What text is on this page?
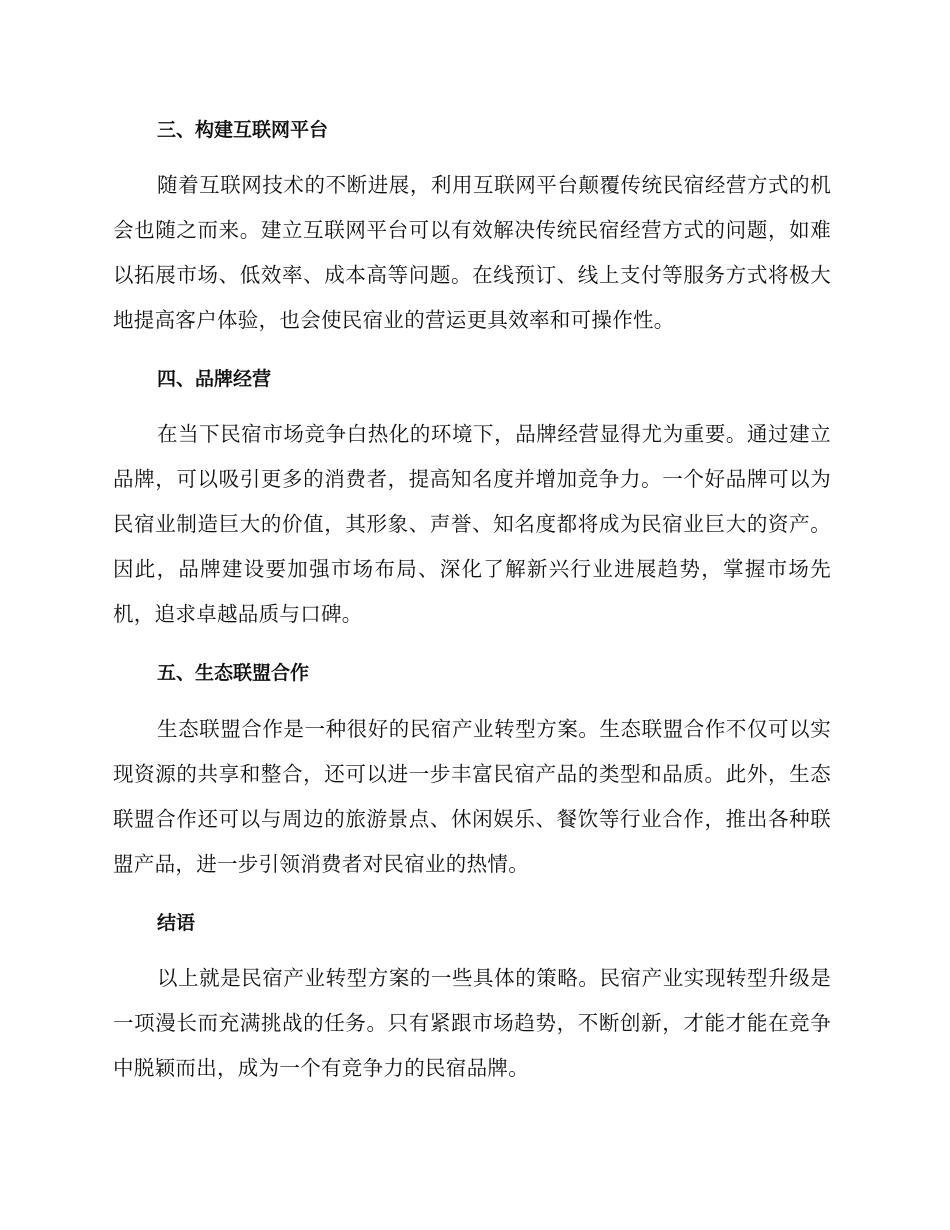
三、构建互联网平台

随着互联网技术的不断进展，利用互联网平台颠覆传统民宿经营方式的机会也随之而来。建立互联网平台可以有效解决传统民宿经营方式的问题，如难以拓展市场、低效率、成本高等问题。在线预订、线上支付等服务方式将极大地提高客户体验，也会使民宿业的营运更具效率和可操作性。

四、品牌经营

在当下民宿市场竞争白热化的环境下，品牌经营显得尤为重要。通过建立品牌，可以吸引更多的消费者，提高知名度并增加竞争力。一个好品牌可以为民宿业制造巨大的价值，其形象、声誉、知名度都将成为民宿业巨大的资产。因此，品牌建设要加强市场布局、深化了解新兴行业进展趋势，掌握市场先机，追求卓越品质与口碑。

五、生态联盟合作

生态联盟合作是一种很好的民宿产业转型方案。生态联盟合作不仅可以实现资源的共享和整合，还可以进一步丰富民宿产品的类型和品质。此外，生态联盟合作还可以与周边的旅游景点、休闲娱乐、餐饮等行业合作，推出各种联盟产品，进一步引领消费者对民宿业的热情。

结语

以上就是民宿产业转型方案的一些具体的策略。民宿产业实现转型升级是一项漫长而充满挑战的任务。只有紧跟市场趋势，不断创新，才能才能在竞争中脱颖而出，成为一个有竞争力的民宿品牌。
